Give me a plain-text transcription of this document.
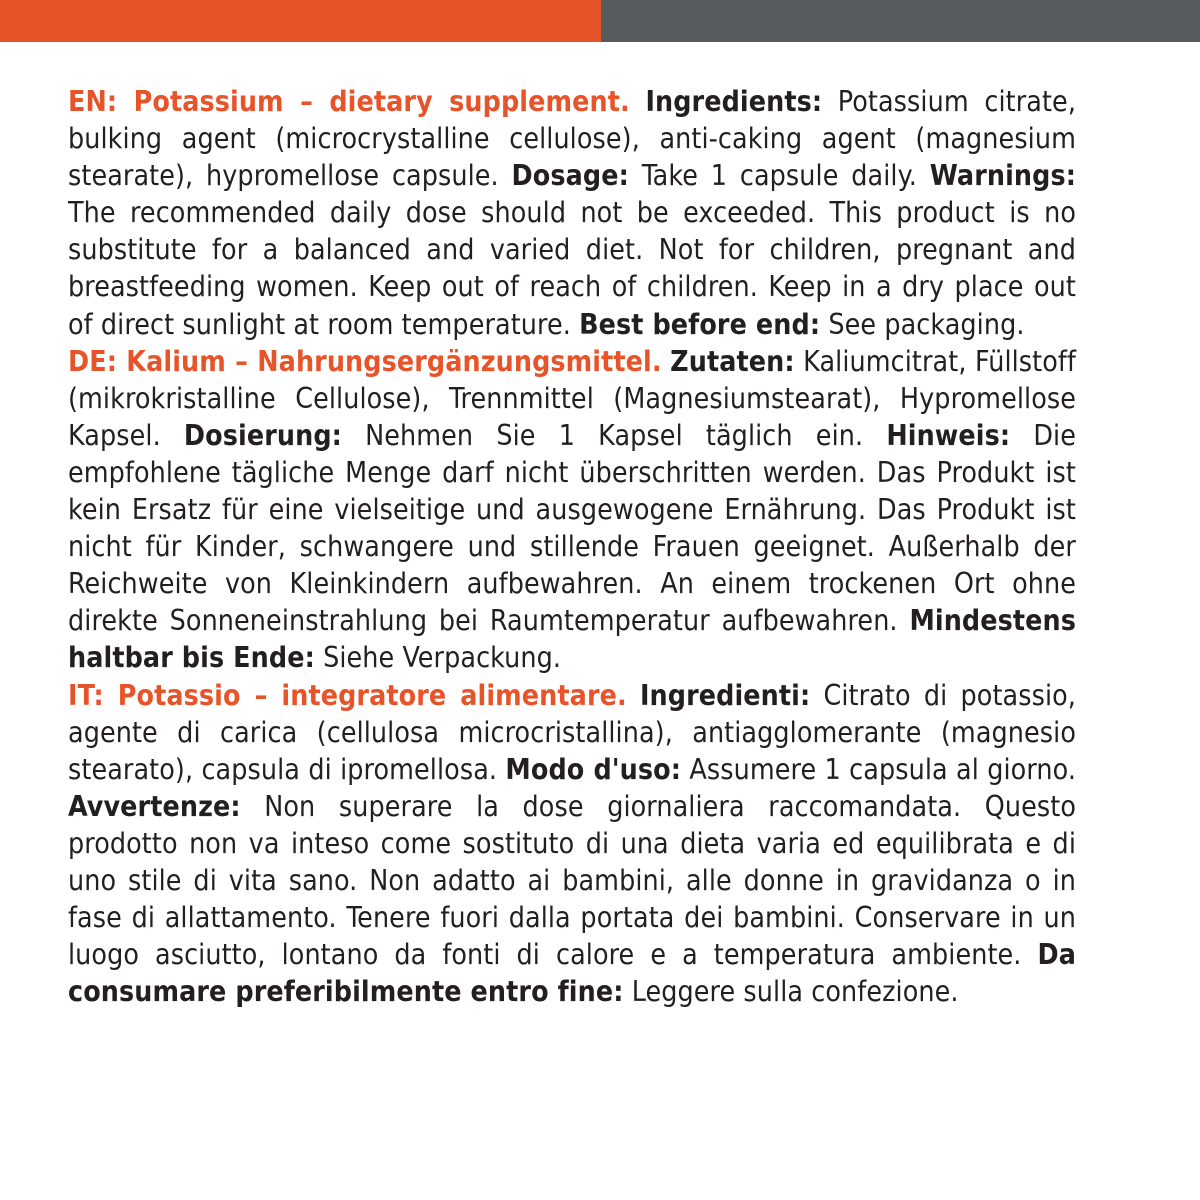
EN: Potassium – dietary supplement. Ingredients: Potassium citrate, bulking agent (microcrystalline cellulose), anti-caking agent (magnesium stearate), hypromellose capsule. Dosage: Take 1 capsule daily. Warnings: The recommended daily dose should not be exceeded. This product is no substitute for a balanced and varied diet. Not for children, pregnant and breastfeeding women. Keep out of reach of children. Keep in a dry place out of direct sunlight at room temperature. Best before end: See packaging.

DE: Kalium – Nahrungsergänzungsmittel. Zutaten: Kaliumcitrat, Füllstoff (mikrokristalline Cellulose), Trennmittel (Magnesiumstearat), Hypromellose Kapsel. Dosierung: Nehmen Sie 1 Kapsel täglich ein. Hinweis: Die empfohlene tägliche Menge darf nicht überschritten werden. Das Produkt ist kein Ersatz für eine vielseitige und ausgewogene Ernährung. Das Produkt ist nicht für Kinder, schwangere und stillende Frauen geeignet. Außerhalb der Reichweite von Kleinkindern aufbewahren. An einem trockenen Ort ohne direkte Sonneneinstrahlung bei Raumtemperatur aufbewahren. Mindestens haltbar bis Ende: Siehe Verpackung.

IT: Potassio – integratore alimentare. Ingredienti: Citrato di potassio, agente di carica (cellulosa microcristallina), antiagglomerante (magnesio stearato), capsula di ipromellosa. Modo d'uso: Assumere 1 capsula al giorno. Avvertenze: Non superare la dose giornaliera raccomandata. Questo prodotto non va inteso come sostituto di una dieta varia ed equilibrata e di uno stile di vita sano. Non adatto ai bambini, alle donne in gravidanza o in fase di allattamento. Tenere fuori dalla portata dei bambini. Conservare in un luogo asciutto, lontano da fonti di calore e a temperatura ambiente. Da consumare preferibilmente entro fine: Leggere sulla confezione.
